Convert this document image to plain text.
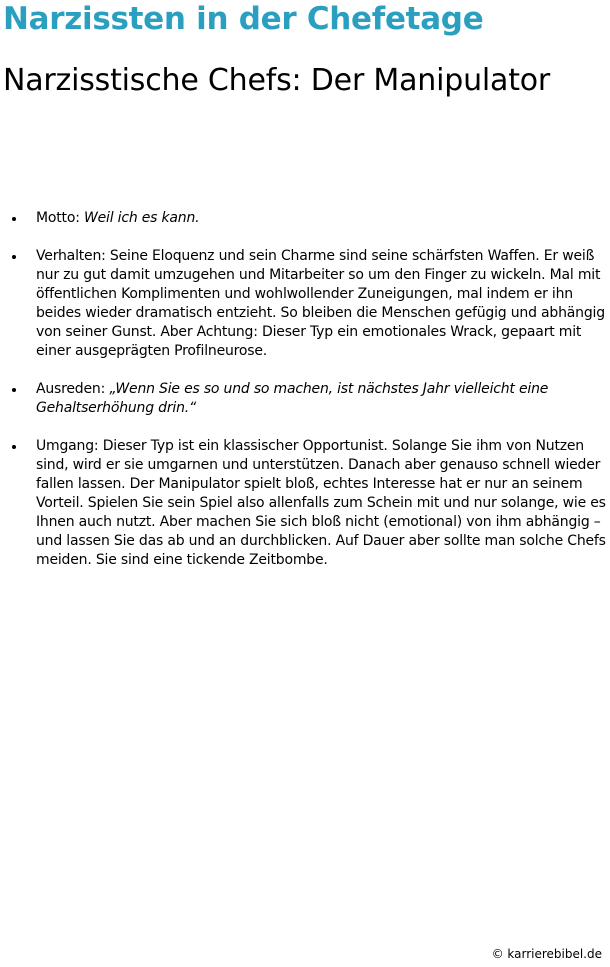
Narzissten in der Chefetage
Narzisstische Chefs: Der Manipulator
Motto: Weil ich es kann.
Verhalten: Seine Eloquenz und sein Charme sind seine schärfsten Waffen. Er weiß nur zu gut damit umzugehen und Mitarbeiter so um den Finger zu wickeln. Mal mit öffentlichen Komplimenten und wohlwollender Zuneigungen, mal indem er ihn beides wieder dramatisch entzieht. So bleiben die Menschen gefügig und abhängig von seiner Gunst. Aber Achtung: Dieser Typ ein emotionales Wrack, gepaart mit einer ausgeprägten Profilneurose.
Ausreden: „Wenn Sie es so und so machen, ist nächstes Jahr vielleicht eine Gehaltserhöhung drin.“
Umgang: Dieser Typ ist ein klassischer Opportunist. Solange Sie ihm von Nutzen sind, wird er sie umgarnen und unterstützen. Danach aber genauso schnell wieder fallen lassen. Der Manipulator spielt bloß, echtes Interesse hat er nur an seinem Vorteil. Spielen Sie sein Spiel also allenfalls zum Schein mit und nur solange, wie es Ihnen auch nutzt. Aber machen Sie sich bloß nicht (emotional) von ihm abhängig – und lassen Sie das ab und an durchblicken. Auf Dauer aber sollte man solche Chefs meiden. Sie sind eine tickende Zeitbombe.
© karrierebibel.de
